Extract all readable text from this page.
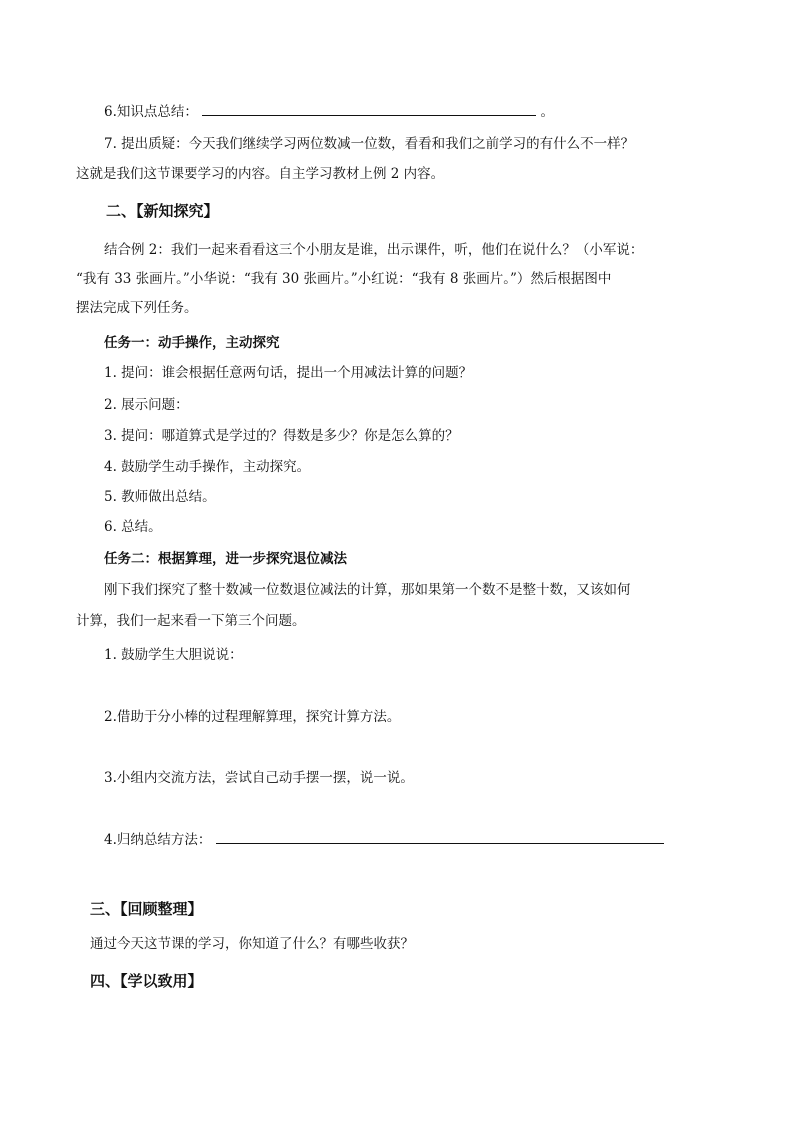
6.知识点总结：	。
7. 提出质疑：今天我们继续学习两位数减一位数，看看和我们之前学习的有什么不一样？
这就是我们这节课要学习的内容。自主学习教材上例 2 内容。
二、【新知探究】
结合例 2：我们一起来看看这三个小朋友是谁，出示课件，听，他们在说什么？（小军说：
“我有 33 张画片。”小华说：“我有 30 张画片。”小红说：“我有 8 张画片。”）然后根据图中
摆法完成下列任务。
任务一：动手操作，主动探究
1. 提问：谁会根据任意两句话，提出一个用减法计算的问题？
2. 展示问题：
3. 提问：哪道算式是学过的？得数是多少？你是怎么算的？
4. 鼓励学生动手操作，主动探究。
5. 教师做出总结。
6. 总结。
任务二：根据算理，进一步探究退位减法
刚下我们探究了整十数减一位数退位减法的计算，那如果第一个数不是整十数，又该如何
计算，我们一起来看一下第三个问题。
1. 鼓励学生大胆说说：
2.借助于分小棒的过程理解算理，探究计算方法。
3.小组内交流方法，尝试自己动手摆一摆，说一说。
4.归纳总结方法：
三、【回顾整理】
通过今天这节课的学习，你知道了什么？有哪些收获？
四、【学以致用】
